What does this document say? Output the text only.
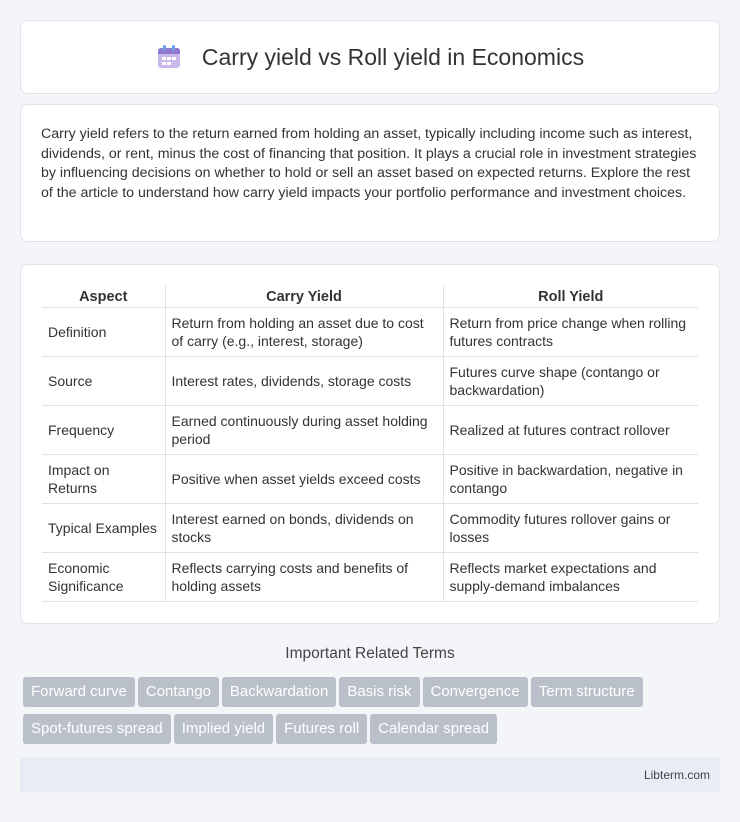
Carry yield vs Roll yield in Economics

Carry yield refers to the return earned from holding an asset, typically including income such as interest, dividends, or rent, minus the cost of financing that position. It plays a crucial role in investment strategies by influencing decisions on whether to hold or sell an asset based on expected returns. Explore the rest of the article to understand how carry yield impacts your portfolio performance and investment choices.

Aspect	Carry Yield	Roll Yield
Definition	Return from holding an asset due to cost of carry (e.g., interest, storage)	Return from price change when rolling futures contracts
Source	Interest rates, dividends, storage costs	Futures curve shape (contango or backwardation)
Frequency	Earned continuously during asset holding period	Realized at futures contract rollover
Impact on Returns	Positive when asset yields exceed costs	Positive in backwardation, negative in contango
Typical Examples	Interest earned on bonds, dividends on stocks	Commodity futures rollover gains or losses
Economic Significance	Reflects carrying costs and benefits of holding assets	Reflects market expectations and supply-demand imbalances
Important Related Terms
Forward curve	Contango	Backwardation	Basis risk	Convergence	Term structure
Spot-futures spread	Implied yield	Futures roll	Calendar spread
Libterm.com
